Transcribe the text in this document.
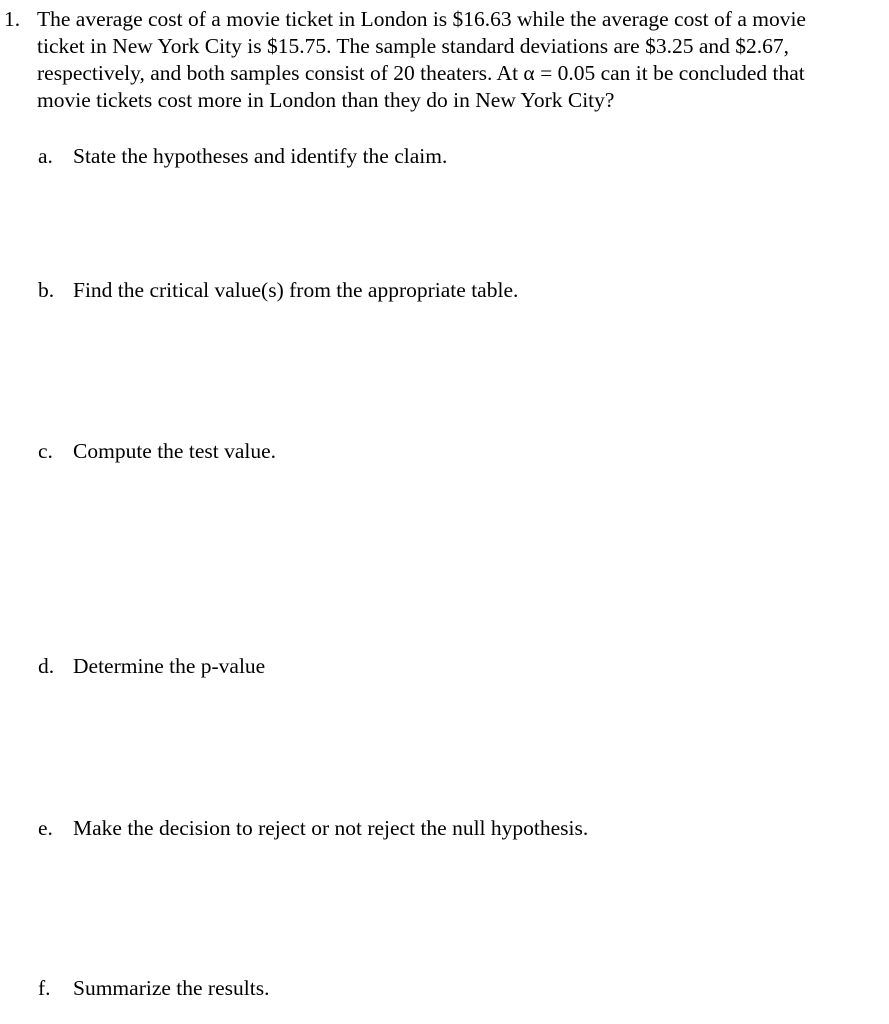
1. The average cost of a movie ticket in London is $16.63 while the average cost of a movie
ticket in New York City is $15.75. The sample standard deviations are $3.25 and $2.67,
respectively, and both samples consist of 20 theaters. At α = 0.05 can it be concluded that
movie tickets cost more in London than they do in New York City?
a. State the hypotheses and identify the claim.
b. Find the critical value(s) from the appropriate table.
c. Compute the test value.
d. Determine the p-value
e. Make the decision to reject or not reject the null hypothesis.
f. Summarize the results.
